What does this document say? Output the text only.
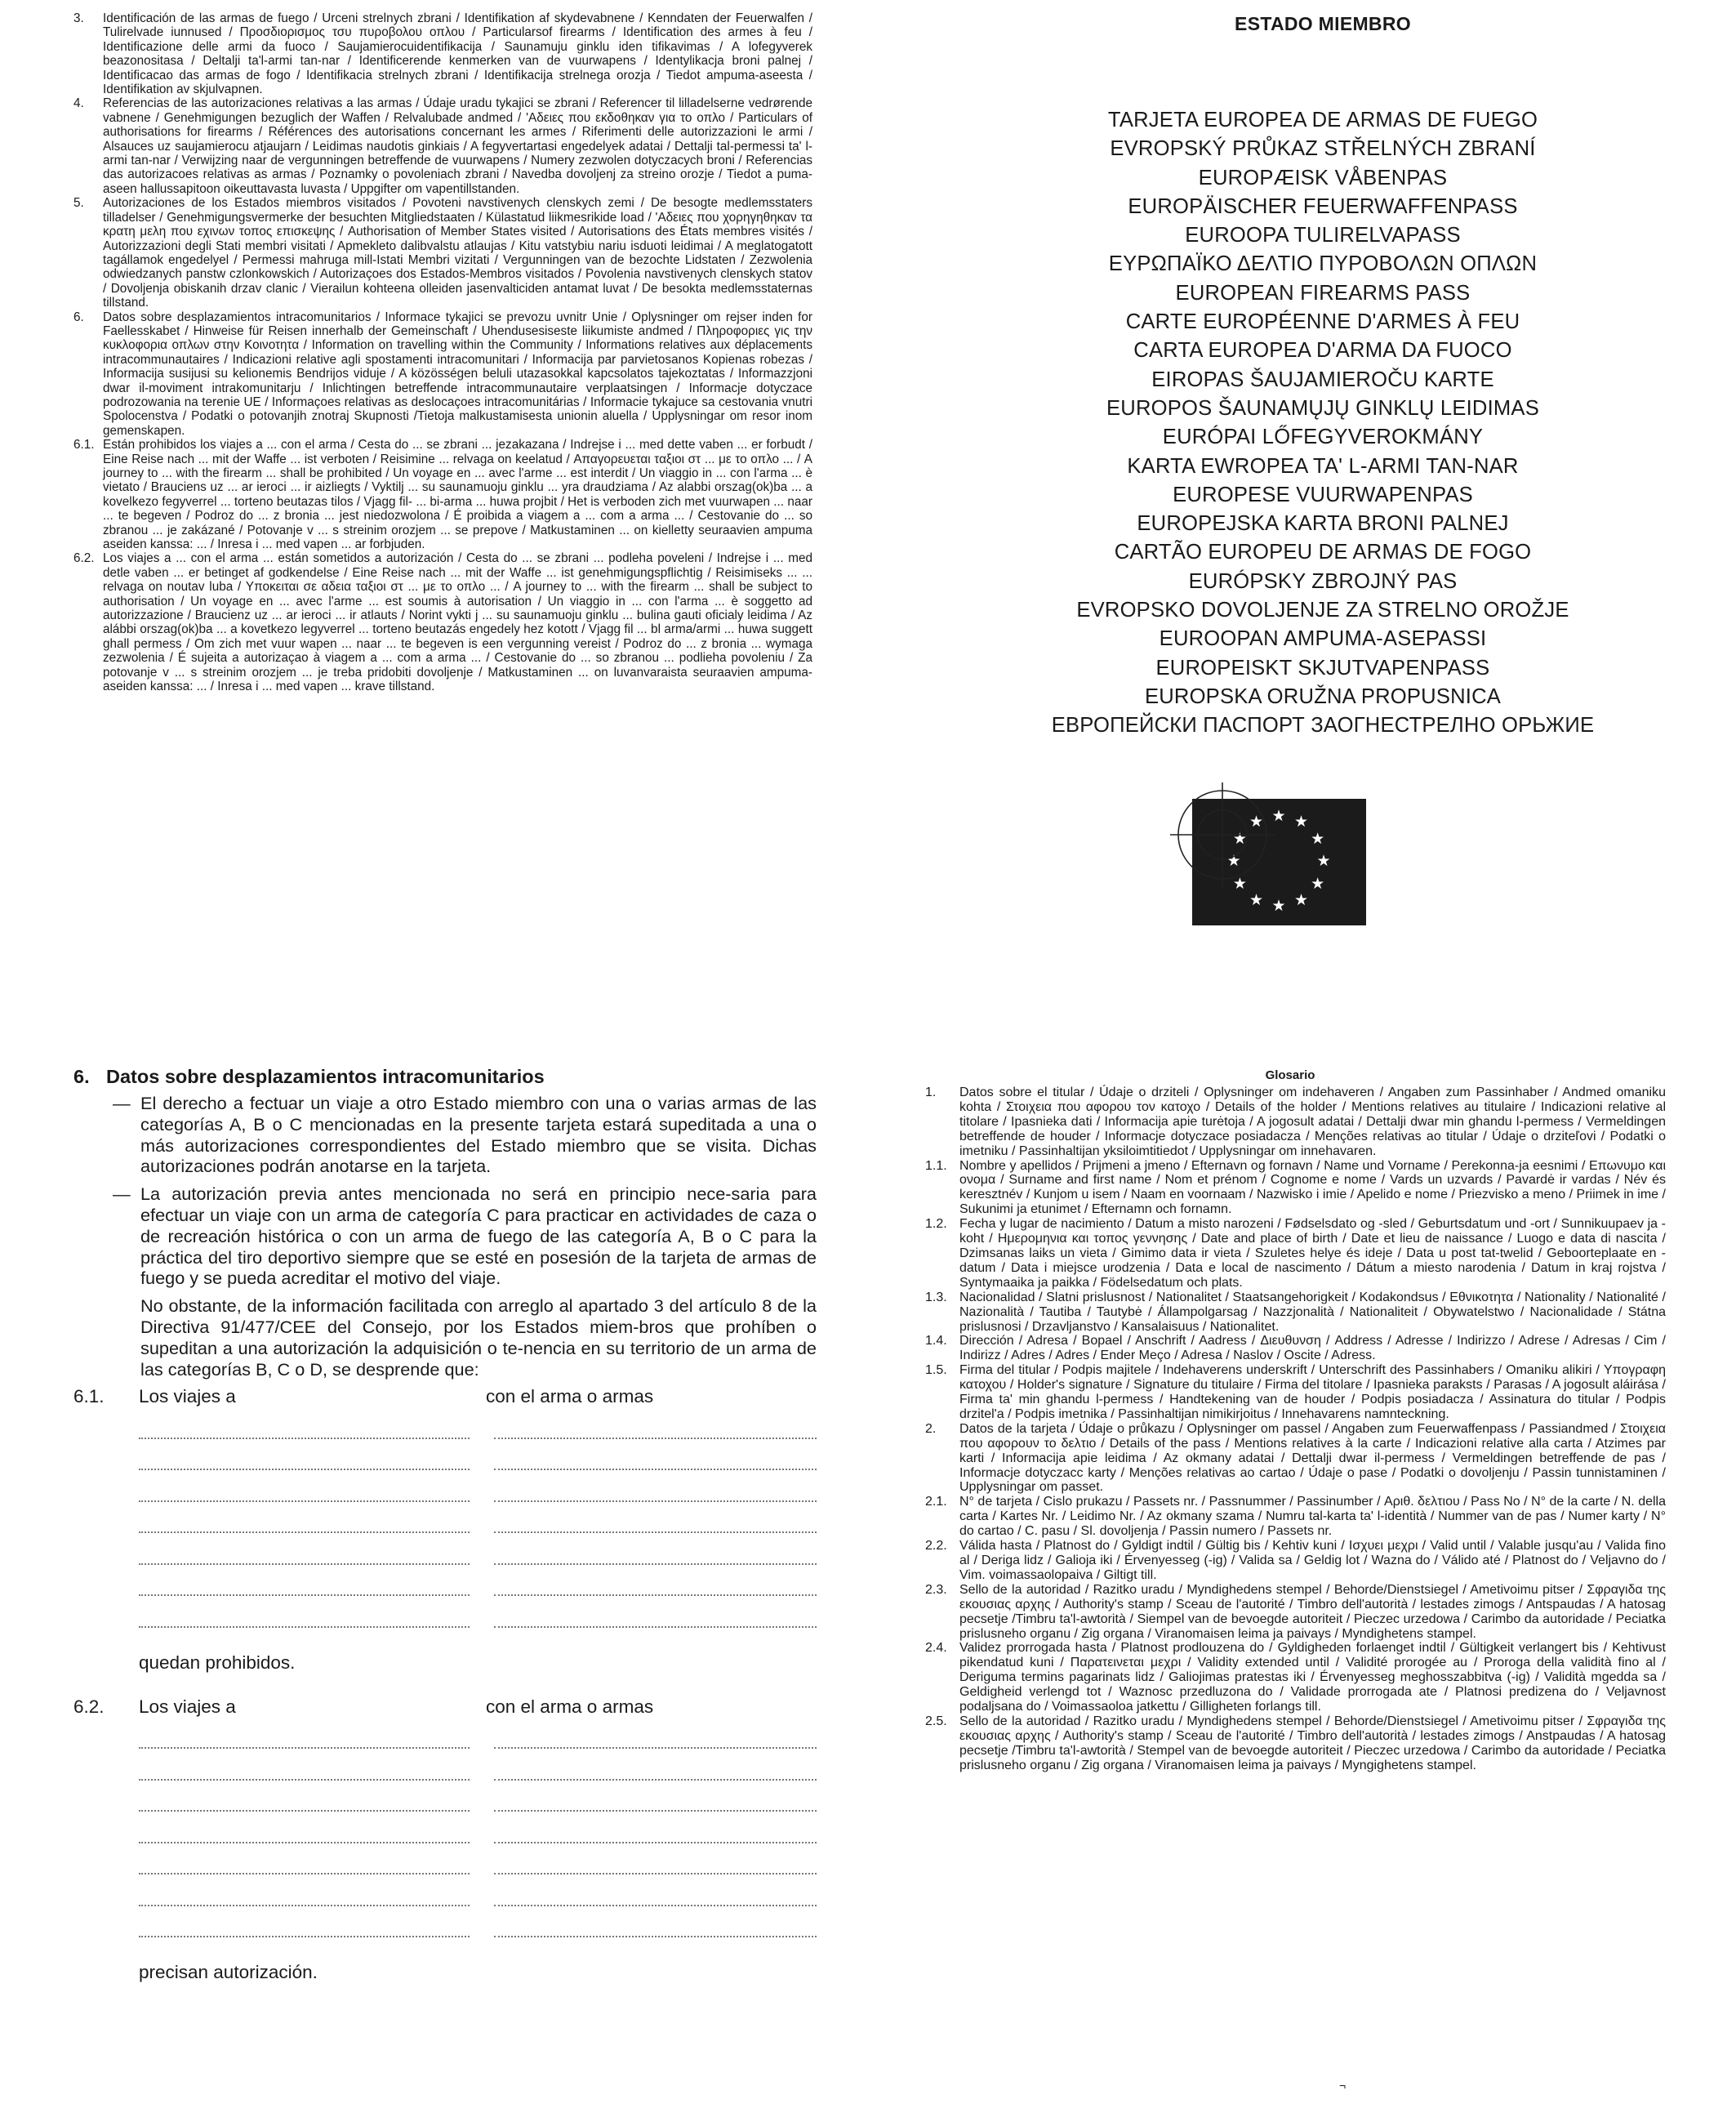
3.	Identificación de las armas de fuego / Urceni strelnych zbrani / Identifikation af skydevabnene / Kenndaten der Feuerwalfen / Tulirelvade iunnused / Προσδιορισμος τσυ πυροβολου οπλου / Particularsof firearms / Identification des armes à feu / Identificazione delle armi da fuoco / Saujamierocuidentifikacija / Saunamuju ginklu iden tifikavimas / A lofegyverek beazonositasa / Deltalji ta'l-armi tan-nar / Identificerende kenmerken van de vuurwapens / Identylikacja broni palnej / Identificacao das armas de fogo / Identifikacia strelnych zbrani / Identifikacija strelnega orozja / Tiedot ampuma-aseesta / Identifikation av skjulvapnen.
4.	Referencias de las autorizaciones relativas a las armas / Údaje uradu tykajici se zbrani / Referencer til lilladelserne vedrørende vabnene / Genehmigungen bezuglich der Waffen / Relvalubade andmed / 'Αδειες που εκδοθηκαν για το οπλο / Particulars of authorisations for firearms / Références des autorisations concernant les armes / Riferimenti delle autorizzazioni le armi / Alsauces uz saujamierocu atjaujarn / Leidimas naudotis ginkiais / A fegyvertartasi engedelyek adatai / Dettalji tal-permessi ta' l-armi tan-nar / Verwijzing naar de vergunningen betreffende de vuurwapens / Numery zezwolen dotyczacych broni / Referencias das autorizacoes relativas as armas / Poznamky o povoleniach zbrani / Navedba dovoljenj za streino orozje / Tiedot a puma-aseen hallussapitoon oikeuttavasta luvasta / Uppgifter om vapentillstanden.
5.	Autorizaciones de los Estados miembros visitados / Povoteni navstivenych clenskych zemi / De besogte medlemsstaters tilladelser / Genehmigungsvermerke der besuchten Mitgliedstaaten / Külastatud liikmesrikide load / 'Αδειες που χορηγηθηκαν τα κρατη μελη που εχινων τοπος επισκεψης / Authorisation of Member States visited / Autorisations des États membres visités / Autorizzazioni degli Stati membri visitati / Apmekleto dalibvalstu atlaujas / Kitu vatstybiu nariu isduoti leidimai / A meglatogatott tagállamok engedelyel / Permessi mahruga mill-Istati Membri vizitati / Vergunningen van de bezochte Lidstaten / Zezwolenia odwiedzanych panstw czlonkowskich / Autorizaçoes dos Estados-Membros visitados / Povolenia navstivenych clenskych statov / Dovoljenja obiskanih drzav clanic / Vierailun kohteena olleiden jasenvalticiden antamat luvat / De besokta medlemsstaternas tillstand.
6.	Datos sobre desplazamientos intracomunitarios / Informace tykajici se prevozu uvnitr Unie / Oplysninger om rejser inden for Faellesskabet / Hinweise für Reisen innerhalb der Gemeinschaft / Uhendusesiseste liikumiste andmed / Πληροφοριες γις την κυκλοφορια οπλων στην Κοινοτητα / Information on travelling within the Community / Informations relatives aux déplacements intracommunautaires / Indicazioni relative agli spostamenti intracomunitari / Informacija par parvietosanos Kopienas robezas / Informacija susijusi su kelionemis Bendrijos viduje / A közösségen beluli utazasokkal kapcsolatos tajekoztatas / Informazzjoni dwar il-moviment intrakomunitarju / Inlichtingen betreffende intracommunautaire verplaatsingen / Informacje dotyczace podrozowania na terenie UE / Informaçoes relativas as deslocaçoes intracomunitárias / Informacie tykajuce sa cestovania vnutri Spolocenstva / Podatki o potovanjih znotraj Skupnosti /Tietoja malkustamisesta unionin aluella / Upplysningar om resor inom gemenskapen.
6.1. Están prohibidos los viajes a ... con el arma / Cesta do ... se zbrani ... jezakazana / Indrejse i ... med dette vaben ... er forbudt / Eine Reise nach ... mit der Waffe ... ist verboten / Reisimine ... relvaga on keelatud / Απαγορευεται ταξιοι στ ... με το οπλο ... / A journey to ... with the firearm ... shall be prohibited / Un voyage en ... avec l'arme ... est interdit / Un viaggio in ... con l'arma ... è vietato / Brauciens uz ... ar ieroci ... ir aizliegts / Vyktilj ... su saunamuoju ginklu ... yra draudziama / Az alabbi orszag(ok)ba ... a kovelkezo fegyverrel ... torteno beutazas tilos / Vjagg fil- ... bi-arma ... huwa projbit / Het is verboden zich met vuurwapen ... naar ... te begeven / Podroz do ... z bronia ... jest niedozwolona / É proibida a viagem a ... com a arma ... / Cestovanie do ... so zbranou ... je zakázané / Potovanje v ... s streinim orozjem ... se prepove / Matkustaminen ... on kielletty seuraavien ampuma aseiden kanssa: ... / Inresa i ... med vapen ... ar forbjuden.
6.2. Los viajes a ... con el arma ... están sometidos a autorización / Cesta do ... se zbrani ... podleha poveleni / Indrejse i ... med detle vaben ... er betinget af godkendelse / Eine Reise nach ... mit der Waffe ... ist genehmigungspflichtig / Reisimiseks ... ... relvaga on noutav luba / Υποκειται σε αδεια ταξιοι στ ... με το οπλο ... / A journey to ... with the firearm ... shall be subject to authorisation / Un voyage en ... avec l'arme ... est soumis à autorisation / Un viaggio in ... con l'arma ... è soggetto ad autorizzazione / Braucienz uz ... ar ieroci ... ir atlauts / Norint vykti j ... su saunamuoju ginklu ... bulina gauti oficialy leidima / Az alábbi orszag(ok)ba ... a kovetkezo legyverrel ... torteno beutazás engedely hez kotott / Vjagg fil ... bl arma/armi ... huwa suggett ghall permess / Om zich met vuur wapen ... naar ... te begeven is een vergunning vereist / Podroz do ... z bronia ... wymaga zezwolenia / É sujeita a autorizaçao à viagem a ... com a arma ... / Cestovanie do ... so zbranou ... podlieha povoleniu / Za potovanje v ... s streinim orozjem ... je treba pridobiti dovoljenje / Matkustaminen ... on luvanvaraista seuraavien ampuma-aseiden kanssa: ... / Inresa i ... med vapen ... krave tillstand.
ESTADO MIEMBRO
TARJETA EUROPEA DE ARMAS DE FUEGO
EVROPSKÝ PRŮKAZ STŘELNÝCH ZBRANÍ
EUROPÆISK VÅBENPAS
EUROPÄISCHER FEUERWAFFENPASS
EUROOPA TULIRELVAPASS
ΕΥΡΩΠΑΪΚΟ ΔΕΛΤΙΟ ΠΥΡΟΒΟΛΩΝ ΟΠΛΩΝ
EUROPEAN FIREARMS PASS
CARTE EUROPÉENNE D'ARMES À FEU
CARTA EUROPEA D'ARMA DA FUOCO
EIROPAS ŠAUJAMIEROČU KARTE
EUROPOS ŠAUNAMŲJŲ GINKLŲ LEIDIMAS
EURÓPAI LŐFEGYVEROKMÁNY
KARTA EWROPEA TA' L-ARMI TAN-NAR
EUROPESE VUURWAPENPAS
EUROPEJSKA KARTA BRONI PALNEJ
CARTÃO EUROPEU DE ARMAS DE FOGO
EURÓPSKY ZBROJNÝ PAS
EVROPSKO DOVOLJENJE ZA STRELNO OROŽJE
EUROOPAN AMPUMA-ASEPASSI
EUROPEISKT SKJUTVAPENPASS
EUROPSKA ORUŽNA PROPUSNICA
ЕВРОПЕЙСКИ ПАСПОРТ ЗАОГНЕСТРЕЛНО ОРЬЖИЕ
★ ★
★
★
★
★
★
★
★
★
★
★
6. Datos sobre desplazamientos intracomunitarios
— El derecho a fectuar un viaje a otro Estado miembro con una o varias armas de las categorías A, B o C mencionadas en la presente tarjeta estará supeditada a una o más autorizaciones correspondientes del Estado miembro que se visita. Dichas autorizaciones podrán anotarse en la tarjeta.
— La autorización previa antes mencionada no será en principio nece-saria para efectuar un viaje con un arma de categoría C para practicar en actividades de caza o de recreación histórica o con un arma de fuego de las categoría A, B o C para la práctica del tiro deportivo siempre que se esté en posesión de la tarjeta de armas de fuego y se pueda acreditar el motivo del viaje.
No obstante, de la información facilitada con arreglo al apartado 3 del artículo 8 de la Directiva 91/477/CEE del Consejo, por los Estados miem-bros que prohíben o supeditan a una autorización la adquisición o te-nencia en su territorio de un arma de las categorías B, C o D, se desprende que:
6.1.	Los viajes a	con el arma o armas
quedan prohibidos.
6.2.	Los viajes a	con el arma o armas
precisan autorización.
Glosario
1.	Datos sobre el titular / Údaje o drziteli / Oplysninger om indehaveren / Angaben zum Passinhaber / Andmed omaniku kohta / Στοιχεια που αφορου τον κατοχο / Details of the holder / Mentions relatives au titulaire / Indicazioni relative al titolare / Ipasnieka dati / Informacija apie turėtoja / A jogosult adatai / Dettalji dwar min ghandu l-permess / Vermeldingen betreffende de houder / Informacje dotyczace posiadacza / Menções relativas ao titular / Údaje o drziteľovi / Podatki o imetniku / Passinhaltijan yksiloimtitiedot / Upplysningar om innehavaren.
1.1. Nombre y apellidos / Prijmeni a jmeno / Efternavn og fornavn / Name und Vorname / Perekonna-ja eesnimi / Επωνυμο και ονομα / Surname and first name / Nom et prénom / Cognome e nome / Vards un uzvards / Pavardė ir vardas / Név és keresztnév / Kunjom u isem / Naam en voornaam / Nazwisko i imie / Apelido e nome / Priezvisko a meno / Priimek in ime / Sukunimi ja etunimet / Efternamn och fornamn.
1.2. Fecha y lugar de nacimiento / Datum a misto narozeni / Fødselsdato og -sled / Geburtsdatum und -ort / Sunnikuupaev ja -koht / Ημερομηνια και τοπος γεννησης / Date and place of birth / Date et lieu de naissance / Luogo e data di nascita / Dzimsanas laiks un vieta / Gimimo data ir vieta / Szuletes helye és ideje / Data u post tat-twelid / Geboorteplaate en -datum / Data i miejsce urodzenia / Data e local de nascimento / Dátum a miesto narodenia / Datum in kraj rojstva / Syntymaaika ja paikka / Födelsedatum och plats.
1.3. Nacionalidad / Slatni prislusnost / Nationalitet / Staatsangehorigkeit / Kodakondsus / Εθνικοτητα / Nationality / Nationalité / Nazionalità / Tautiba / Tautybė / Állampolgarsag / Nazzjonalità / Nationaliteit / Obywatelstwo / Nacionalidade / Státna prislusnosi / Drzavljanstvo / Kansalaisuus / Nationalitet.
1.4. Dirección / Adresa / Bopael / Anschrift / Aadress / Διευθυνση / Address / Adresse / Indirizzo / Adrese / Adresas / Cim / Indirizz / Adres / Adres / Ender Meço / Adresa / Naslov / Oscite / Adress.
1.5. Firma del titular / Podpis majitele / Indehaverens underskrift / Unterschrift des Passinhabers / Omaniku alikiri / Υπογραφη κατοχου / Holder's signature / Signature du titulaire / Firma del titolare / Ipasnieka paraksts / Parasas / A jogosult aláirása / Firma ta' min ghandu l-permess / Handtekening van de houder / Podpis posiadacza / Assinatura do titular / Podpis drzitel'a / Podpis imetnika / Passinhaltijan nimikirjoitus / Innehavarens namnteckning.
2.	Datos de la tarjeta / Údaje o průkazu / Oplysninger om passel / Angaben zum Feuerwaffenpass / Passiandmed / Στοιχεια που αφορουν το δελτιο / Details of the pass / Mentions relatives à la carte / Indicazioni relative alla carta / Atzimes par karti / Informacija apie leidima / Az okmany adatai / Dettalji dwar il-permess / Vermeldingen betreffende de pas / Informacje dotyczacc karty / Menções relativas ao cartao / Údaje o pase / Podatki o dovoljenju / Passin tunnistaminen / Upplysningar om passet.
2.1. N° de tarjeta / Cislo prukazu / Passets nr. / Passnummer / Passinumber / Αριθ. δελτιου / Pass No / N° de la carte / N. della carta / Kartes Nr. / Leidimo Nr. / Az okmany szama / Numru tal-karta ta' l-identità / Nummer van de pas / Numer karty / N° do cartao / C. pasu / Sl. dovoljenja / Passin numero / Passets nr.
2.2. Válida hasta / Platnost do / Gyldigt indtil / Gültig bis / Kehtiv kuni / Ισχυει μεχρι / Valid until / Valable jusqu'au / Valida fino al / Deriga lidz / Galioja iki / Érvenyesseg (-ig) / Valida sa / Geldig lot / Wazna do / Válido até / Platnost do / Veljavno do / Vim. voimassaolopaiva / Giltigt till.
2.3. Sello de la autoridad / Razitko uradu / Myndighedens stempel / Behorde/Dienstsiegel / Ametivoimu pitser / Σφραγιδα της εκουσιας αρχης / Authority's stamp / Sceau de l'autorité / Timbro dell'autorità / lestades zimogs / Antspaudas / A hatosag pecsetje /Timbru ta'l-awtorità / Siempel van de bevoegde autoriteit / Pieczec urzedowa / Carimbo da autoridade / Peciatka prislusneho organu / Zig organa / Viranomaisen leima ja paivays / Myndighetens stampel.
2.4. Validez prorrogada hasta / Platnost prodlouzena do / Gyldigheden forlaenget indtil / Gültigkeit verlangert bis / Kehtivust pikendatud kuni / Παρατεινεται μεχρι / Validity extended until / Validité prorogée au / Proroga della validità fino al / Deriguma termins pagarinats lidz / Galiojimas pratestas iki / Érvenyesseg meghosszabbitva (-ig) / Validità mgedda sa / Geldigheid verlengd tot / Waznosc przedluzona do / Validade prorrogada ate / Platnosi predizena do / Veljavnost podaljsana do / Voimassaoloa jatkettu / Gilligheten forlangs till.
2.5. Sello de la autoridad / Razitko uradu / Myndighedens stempel / Behorde/Dienstsiegel / Ametivoimu pitser / Σφραγιδα της εκουσιας αρχης / Authority's stamp / Sceau de l'autorité / Timbro dell'autorità / lestades zimogs / Anstpaudas / A hatosag pecsetje /Timbru ta'l-awtorità / Stempel van de bevoegde autoriteit / Pieczec urzedowa / Carimbo da autoridade / Peciatka prislusneho organu / Zig organa / Viranomaisen leima ja paivays / Myngighetens stampel.
¬
